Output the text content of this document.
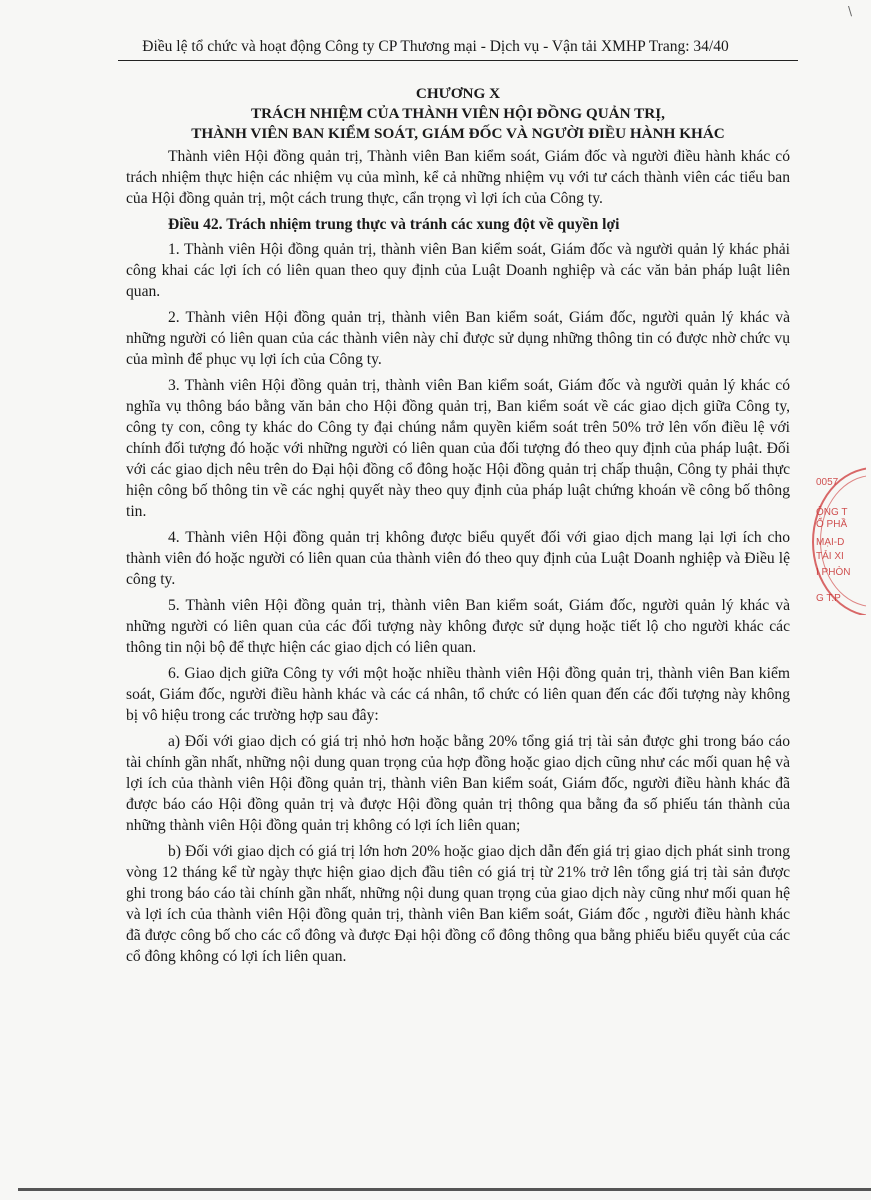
\
Điều lệ tổ chức và hoạt động Công ty CP Thương mại - Dịch vụ - Vận tải XMHP Trang: 34/40

CHƯƠNG X

TRÁCH NHIỆM CỦA THÀNH VIÊN HỘI ĐỒNG QUẢN TRỊ,

THÀNH VIÊN BAN KIỂM SOÁT, GIÁM ĐỐC VÀ NGƯỜI ĐIỀU HÀNH KHÁC

Thành viên Hội đồng quản trị, Thành viên Ban kiểm soát, Giám đốc và người điều hành khác có trách nhiệm thực hiện các nhiệm vụ của mình, kể cả những nhiệm vụ với tư cách thành viên các tiểu ban của Hội đồng quản trị, một cách trung thực, cẩn trọng vì lợi ích của Công ty.

Điều 42. Trách nhiệm trung thực và tránh các xung đột về quyền lợi

1. Thành viên Hội đồng quản trị, thành viên Ban kiểm soát, Giám đốc và người quản lý khác phải công khai các lợi ích có liên quan theo quy định của Luật Doanh nghiệp và các văn bản pháp luật liên quan.

2. Thành viên Hội đồng quản trị, thành viên Ban kiểm soát, Giám đốc, người quản lý khác và những người có liên quan của các thành viên này chỉ được sử dụng những thông tin có được nhờ chức vụ của mình để phục vụ lợi ích của Công ty.

3. Thành viên Hội đồng quản trị, thành viên Ban kiểm soát, Giám đốc và người quản lý khác có nghĩa vụ thông báo bằng văn bản cho Hội đồng quản trị, Ban kiểm soát về các giao dịch giữa Công ty, công ty con, công ty khác do Công ty đại chúng nắm quyền kiểm soát trên 50% trở lên vốn điều lệ với chính đối tượng đó hoặc với những người có liên quan của đối tượng đó theo quy định của pháp luật. Đối với các giao dịch nêu trên do Đại hội đồng cổ đông hoặc Hội đồng quản trị chấp thuận, Công ty phải thực hiện công bố thông tin về các nghị quyết này theo quy định của pháp luật chứng khoán về công bố thông tin.

4. Thành viên Hội đồng quản trị không được biểu quyết đối với giao dịch mang lại lợi ích cho thành viên đó hoặc người có liên quan của thành viên đó theo quy định của Luật Doanh nghiệp và Điều lệ công ty.

5. Thành viên Hội đồng quản trị, thành viên Ban kiểm soát, Giám đốc, người quản lý khác và những người có liên quan của các đối tượng này không được sử dụng hoặc tiết lộ cho người khác các thông tin nội bộ để thực hiện các giao dịch có liên quan.

6. Giao dịch giữa Công ty với một hoặc nhiều thành viên Hội đồng quản trị, thành viên Ban kiểm soát, Giám đốc, người điều hành khác và các cá nhân, tổ chức có liên quan đến các đối tượng này không bị vô hiệu trong các trường hợp sau đây:

a) Đối với giao dịch có giá trị nhỏ hơn hoặc bằng 20% tổng giá trị tài sản được ghi trong báo cáo tài chính gần nhất, những nội dung quan trọng của hợp đồng hoặc giao dịch cũng như các mối quan hệ và lợi ích của thành viên Hội đồng quản trị, thành viên Ban kiểm soát, Giám đốc, người điều hành khác đã được báo cáo Hội đồng quản trị và được Hội đồng quản trị thông qua bằng đa số phiếu tán thành của những thành viên Hội đồng quản trị không có lợi ích liên quan;

b) Đối với giao dịch có giá trị lớn hơn 20% hoặc giao dịch dẫn đến giá trị giao dịch phát sinh trong vòng 12 tháng kể từ ngày thực hiện giao dịch đầu tiên có giá trị từ 21% trở lên tổng giá trị tài sản được ghi trong báo cáo tài chính gần nhất, những nội dung quan trọng của giao dịch này cũng như mối quan hệ và lợi ích của thành viên Hội đồng quản trị, thành viên Ban kiểm soát, Giám đốc , người điều hành khác đã được công bố cho các cổ đông và được Đại hội đồng cổ đông thông qua bằng phiếu biểu quyết của các cổ đông không có lợi ích liên quan.

0057
ỘNG T
Ổ PHẦ
MẠI-D
TẢI XI
I PHÒN
G T.P
